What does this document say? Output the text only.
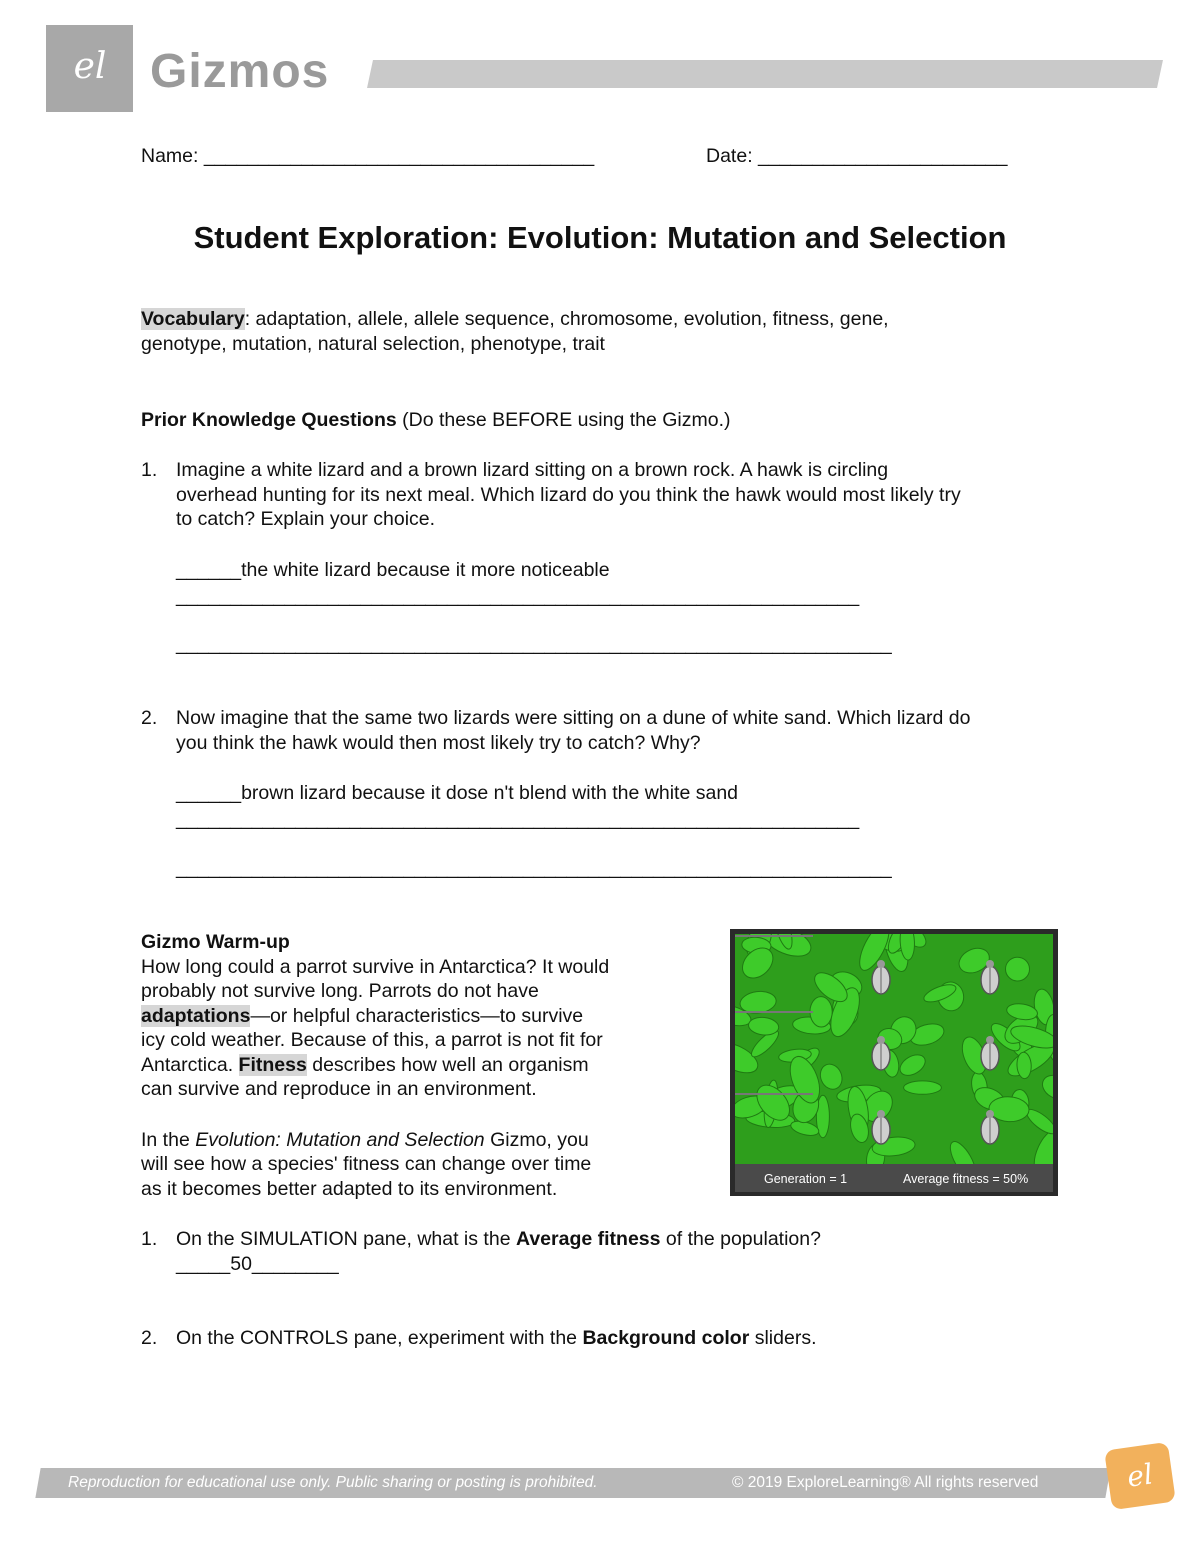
el Gizmos
Name: ____________________________________	Date: _______________________
Student Exploration: Evolution: Mutation and Selection
Vocabulary: adaptation, allele, allele sequence, chromosome, evolution, fitness, gene,
genotype, mutation, natural selection, phenotype, trait
Prior Knowledge Questions (Do these BEFORE using the Gizmo.)
1. Imagine a white lizard and a brown lizard sitting on a brown rock. A hawk is circling
overhead hunting for its next meal. Which lizard do you think the hawk would most likely try
to catch? Explain your choice.
______the white lizard because it more noticeable
_______________________________________________________________
__________________________________________________________________
2. Now imagine that the same two lizards were sitting on a dune of white sand. Which lizard do
you think the hawk would then most likely try to catch? Why?
______brown lizard because it dose n't blend with the white sand
_______________________________________________________________
__________________________________________________________________
Gizmo Warm-up
How long could a parrot survive in Antarctica? It would
probably not survive long. Parrots do not have
adaptations—or helpful characteristics—to survive
icy cold weather. Because of this, a parrot is not fit for
Antarctica. Fitness describes how well an organism
can survive and reproduce in an environment.
In the Evolution: Mutation and Selection Gizmo, you
will see how a species' fitness can change over time
as it becomes better adapted to its environment.	Generation = 1	Average fitness = 50%
1. On the SIMULATION pane, what is the Average fitness of the population?
_____50________
2. On the CONTROLS pane, experiment with the Background color sliders.
Reproduction for educational use only. Public sharing or posting is prohibited.	© 2019 ExploreLearning® All rights reserved	el
